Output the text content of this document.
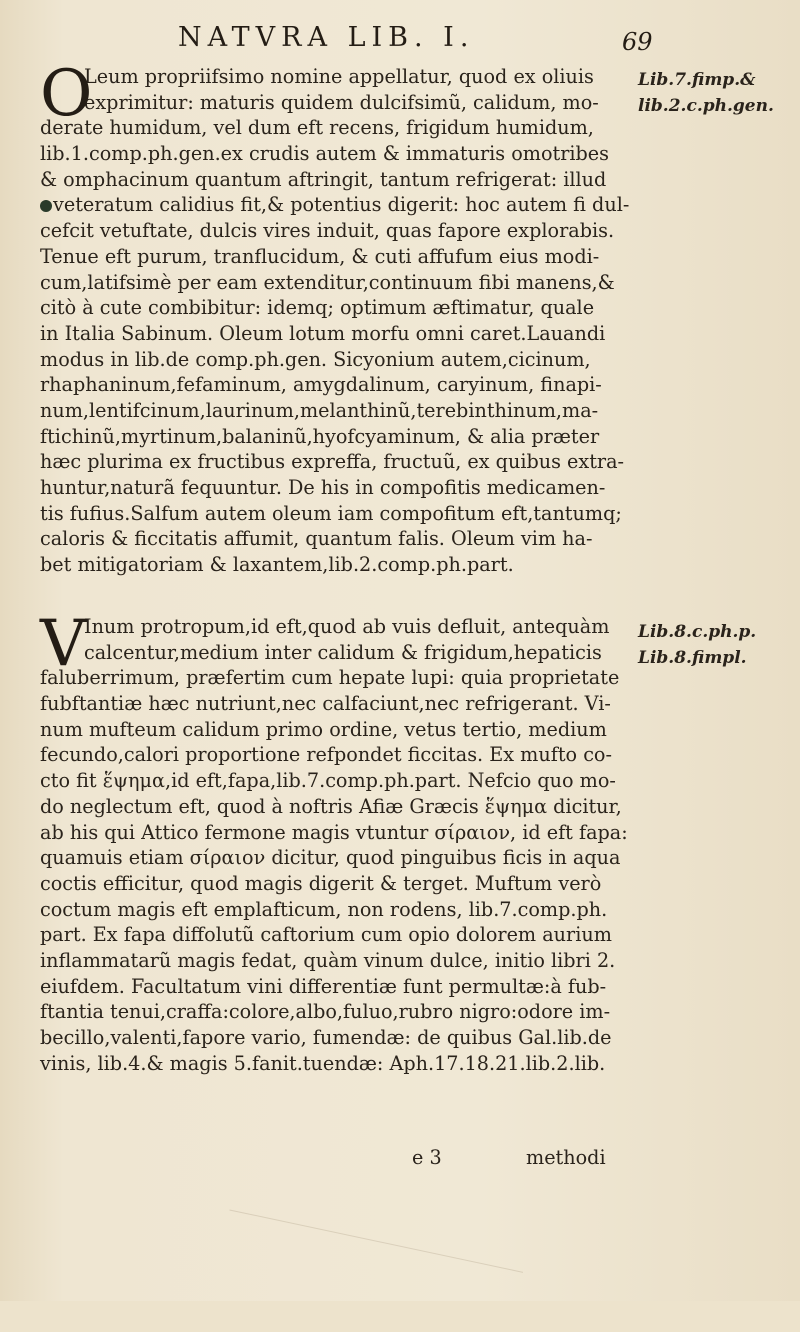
NATVRA LIB. I.	69
O
Leum propriifsimo nomine appellatur, quod ex oliuis
exprimitur: maturis quidem dulcifsimũ, calidum, mo-
derate humidum, vel dum eft recens, frigidum humidum,
lib.1.comp.ph.gen.ex crudis autem & immaturis omotribes
& omphacinum quantum aftringit, tantum refrigerat: illud
veteratum calidius fit,& potentius digerit: hoc autem fi dul-
cefcit vetuftate, dulcis vires induit, quas fapore explorabis.
Tenue eft purum, tranflucidum, & cuti affufum eius modi-
cum,latifsimè per eam extenditur,continuum fibi manens,&
citò à cute combibitur: idemq; optimum æftimatur, quale
in Italia Sabinum. Oleum lotum morfu omni caret.Lauandi
modus in lib.de comp.ph.gen. Sicyonium autem,cicinum,
rhaphaninum,fefaminum, amygdalinum, caryinum, finapi-
num,lentifcinum,laurinum,melanthinũ,terebinthinum,ma-
ftichinũ,myrtinum,balaninũ,hyofcyaminum, & alia præter
hæc plurima ex fructibus expreffa, fructuũ, ex quibus extra-
huntur,naturã fequuntur. De his in compofitis medicamen-
tis fufius.Salfum autem oleum iam compofitum eft,tantumq;
caloris & ficcitatis affumit, quantum falis. Oleum vim ha-
bet mitigatoriam & laxantem,lib.2.comp.ph.part.
Lib.7.fimp.&
lib.2.c.ph.gen.
V
Inum protropum,id eft,quod ab vuis defluit, antequàm
calcentur,medium inter calidum & frigidum,hepaticis
faluberrimum, præfertim cum hepate lupi: quia proprietate
fubftantiæ hæc nutriunt,nec calfaciunt,nec refrigerant. Vi-
num mufteum calidum primo ordine, vetus tertio, medium
fecundo,calori proportione refpondet ficcitas. Ex mufto co-
cto fit ἕψημα,id eft,fapa,lib.7.comp.ph.part. Nefcio quo mo-
do neglectum eft, quod à noftris Afiæ Græcis ἕψημα dicitur,
ab his qui Attico fermone magis vtuntur σίραιον, id eft fapa:
quamuis etiam σίραιον dicitur, quod pinguibus ficis in aqua
coctis efficitur, quod magis digerit & terget. Muftum verò
coctum magis eft emplafticum, non rodens, lib.7.comp.ph.
part. Ex fapa diffolutũ caftorium cum opio dolorem aurium
inflammatarũ magis fedat, quàm vinum dulce, initio libri 2.
eiufdem. Facultatum vini differentiæ funt permultæ:à fub-
ftantia tenui,craffa:colore,albo,fuluo,rubro nigro:odore im-
becillo,valenti,fapore vario, fumendæ: de quibus Gal.lib.de
vinis, lib.4.& magis 5.fanit.tuendæ: Aph.17.18.21.lib.2.lib.
Lib.8.c.ph.p.
Lib.8.fimpl.
e 3	methodi
